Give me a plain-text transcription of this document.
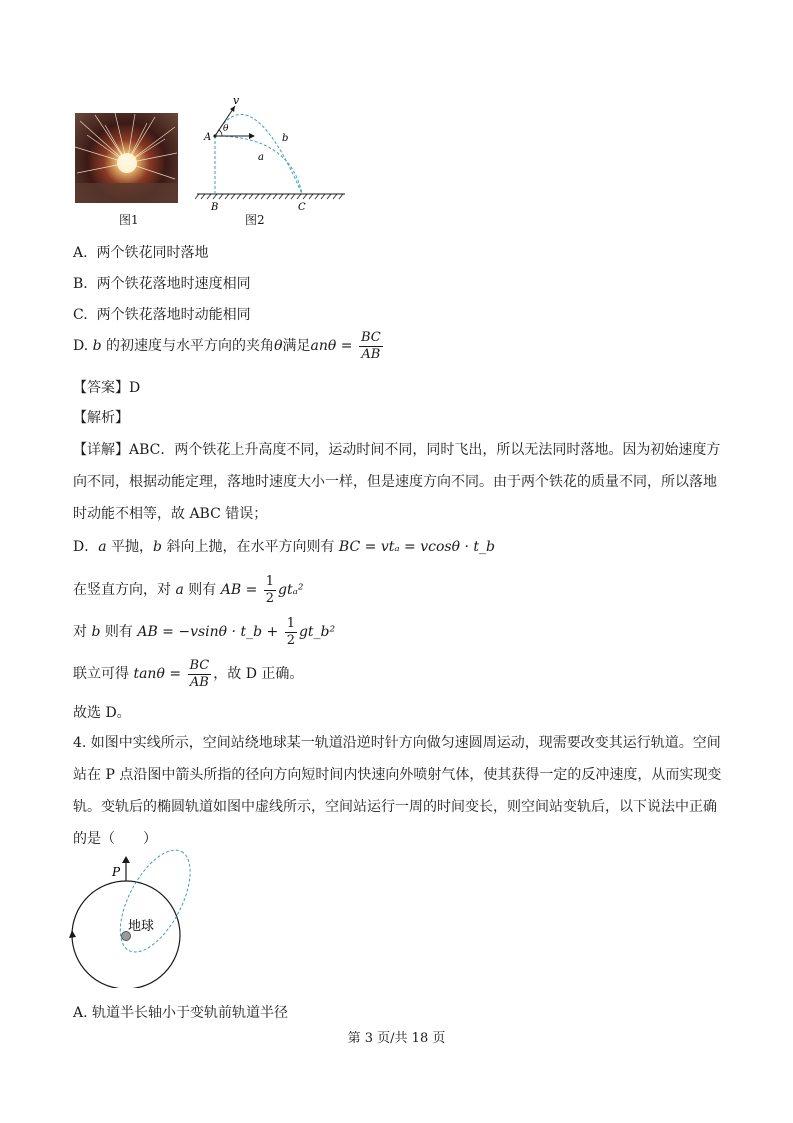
图1
v
A
θ
b
a
B	C
图2
A. 两个铁花同时落地
B. 两个铁花落地时速度相同
C. 两个铁花落地时动能相同
D. b 的初速度与水平方向的夹角θ满足$an\theta = \frac{BC}{AB}$
【答案】D
【解析】
【详解】ABC．两个铁花上升高度不同，运动时间不同，同时飞出，所以无法同时落地。因为初始速度方向不同，根据动能定理，落地时速度大小一样，但是速度方向不同。由于两个铁花的质量不同，所以落地时动能不相等，故 ABC 错误；
D．a 平抛，b 斜向上抛，在水平方向则有 BC = vtₐ = vcosθ · t_b
在竖直方向，对 a 则有 AB = $\frac{1}{2} gt_a^2$
对 b 则有 AB = −vsinθ · t_b + $\frac{1}{2}$ gt_b²
联立可得 $\tan\theta = \frac{BC}{AB}$ ，故 D 正确。
故选 D。
4. 如图中实线所示，空间站绕地球某一轨道沿逆时针方向做匀速圆周运动，现需要改变其运行轨道。空间站在 P 点沿图中箭头所指的径向方向短时间内快速向外喷射气体，使其获得一定的反冲速度，从而实现变轨。变轨后的椭圆轨道如图中虚线所示，空间站运行一周的时间变长，则空间站变轨后，以下说法中正确的是（　　）
P
地球
A. 轨道半长轴小于变轨前轨道半径
第 3 页/共 18 页
